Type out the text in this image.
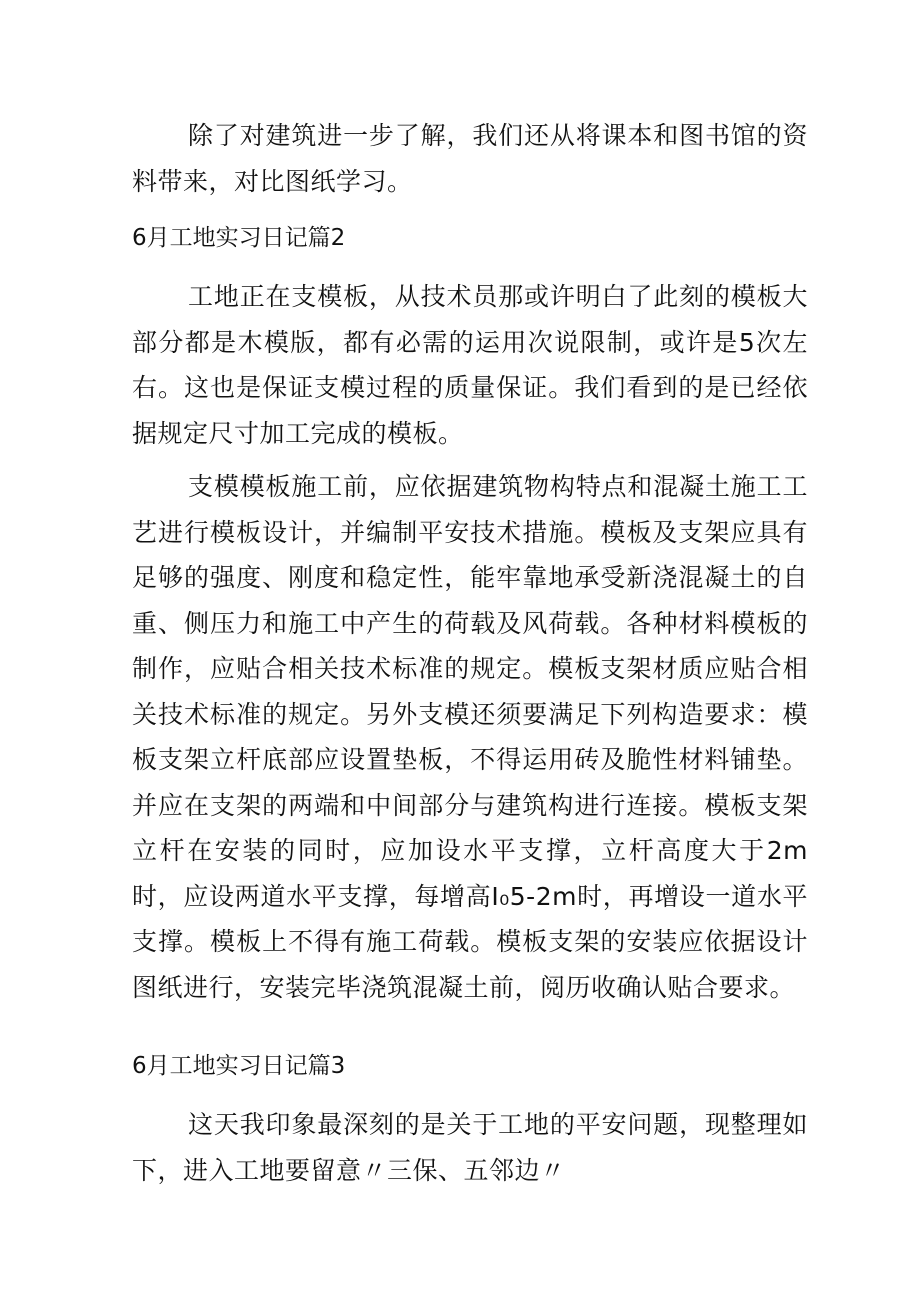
除了对建筑进一步了解，我们还从将课本和图书馆的资料带来，对比图纸学习。

6月工地实习日记篇2

工地正在支模板，从技术员那或许明白了此刻的模板大部分都是木模版，都有必需的运用次说限制，或许是5次左右。这也是保证支模过程的质量保证。我们看到的是已经依据规定尺寸加工完成的模板。

支模模板施工前，应依据建筑物构特点和混凝土施工工艺进行模板设计，并编制平安技术措施。模板及支架应具有足够的强度、刚度和稳定性，能牢靠地承受新浇混凝土的自重、侧压力和施工中产生的荷载及风荷载。各种材料模板的制作，应贴合相关技术标准的规定。模板支架材质应贴合相关技术标准的规定。另外支模还须要满足下列构造要求：模板支架立杆底部应设置垫板，不得运用砖及脆性材料铺垫。并应在支架的两端和中间部分与建筑构进行连接。模板支架立杆在安装的同时，应加设水平支撑，立杆高度大于2m时，应设两道水平支撑，每增高I₀5-2m时，再增设一道水平支撑。模板上不得有施工荷载。模板支架的安装应依据设计图纸进行，安装完毕浇筑混凝土前，阅历收确认贴合要求。

6月工地实习日记篇3

这天我印象最深刻的是关于工地的平安问题，现整理如下，进入工地要留意〃三保、五邻边〃
